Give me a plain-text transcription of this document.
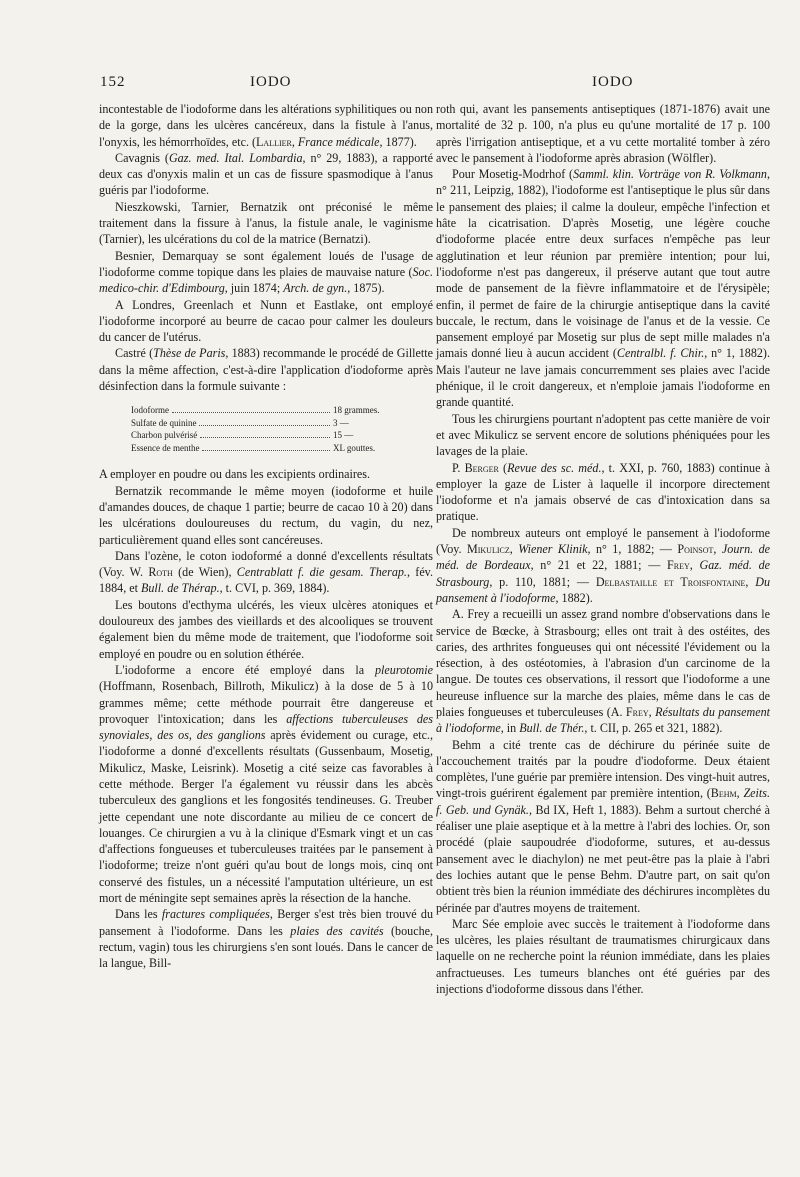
152	IODO	IODO

incontestable de l'iodoforme dans les altérations syphilitiques ou non de la gorge, dans les ulcères cancéreux, dans la fistule à l'anus, l'onyxis, les hémorrhoïdes, etc. (Lallier, France médicale, 1877).

Cavagnis (Gaz. med. Ital. Lombardia, n° 29, 1883), a rapporté deux cas d'onyxis malin et un cas de fissure spasmodique à l'anus guéris par l'iodoforme.

Nieszkowski, Tarnier, Bernatzik ont préconisé le même traitement dans la fissure à l'anus, la fistule anale, le vaginisme (Tarnier), les ulcérations du col de la matrice (Bernatzi).

Besnier, Demarquay se sont également loués de l'usage de l'iodoforme comme topique dans les plaies de mauvaise nature (Soc. medico-chir. d'Edimbourg, juin 1874; Arch. de gyn., 1875).

A Londres, Greenlach et Nunn et Eastlake, ont employé l'iodoforme incorporé au beurre de cacao pour calmer les douleurs du cancer de l'utérus.

Castré (Thèse de Paris, 1883) recommande le procédé de Gillette dans la même affection, c'est-à-dire l'application d'iodoforme après désinfection dans la formule suivante :

Iodoforme	18 grammes.
Sulfate de quinine	3 —
Charbon pulvérisé	15 —
Essence de menthe	XL gouttes.

A employer en poudre ou dans les excipients ordinaires.

Bernatzik recommande le même moyen (iodoforme et huile d'amandes douces, de chaque 1 partie; beurre de cacao 10 à 20) dans les ulcérations douloureuses du rectum, du vagin, du nez, particulièrement quand elles sont cancéreuses.

Dans l'ozène, le coton iodoformé a donné d'excellents résultats (Voy. W. Roth (de Wien), Centrablatt f. die gesam. Therap., fév. 1884, et Bull. de Thérap., t. CVI, p. 369, 1884).

Les boutons d'ecthyma ulcérés, les vieux ulcères atoniques et douloureux des jambes des vieillards et des alcooliques se trouvent également bien du même mode de traitement, que l'iodoforme soit employé en poudre ou en solution éthérée.

L'iodoforme a encore été employé dans la pleurotomie (Hoffmann, Rosenbach, Billroth, Mikulicz) à la dose de 5 à 10 grammes même; cette méthode pourrait être dangereuse et provoquer l'intoxication; dans les affections tuberculeuses des synoviales, des os, des ganglions après évidement ou curage, etc., l'iodoforme a donné d'excellents résultats (Gussenbaum, Mosetig, Mikulicz, Maske, Leisrink). Mosetig a cité seize cas favorables à cette méthode. Berger l'a également vu réussir dans les abcès tuberculeux des ganglions et les fongosités tendineuses. G. Treuber jette cependant une note discordante au milieu de ce concert de louanges. Ce chirurgien a vu à la clinique d'Esmark vingt et un cas d'affections fongueuses et tuberculeuses traitées par le pansement à l'iodoforme; treize n'ont guéri qu'au bout de longs mois, cinq ont conservé des fistules, un a nécessité l'amputation ultérieure, un est mort de méningite sept semaines après la résection de la hanche.

Dans les fractures compliquées, Berger s'est très bien trouvé du pansement à l'iodoforme. Dans les plaies des cavités (bouche, rectum, vagin) tous les chirurgiens s'en sont loués. Dans le cancer de la langue, Bill-

roth qui, avant les pansements antiseptiques (1871-1876) avait une mortalité de 32 p. 100, n'a plus eu qu'une mortalité de 17 p. 100 après l'irrigation antiseptique, et a vu cette mortalité tomber à zéro avec le pansement à l'iodoforme après abrasion (Wölfler).

Pour Mosetig-Modrhof (Samml. klin. Vorträge von R. Volkmann, n° 211, Leipzig, 1882), l'iodoforme est l'antiseptique le plus sûr dans le pansement des plaies; il calme la douleur, empêche l'infection et hâte la cicatrisation. D'après Mosetig, une légère couche d'iodoforme placée entre deux surfaces n'empêche pas leur agglutination et leur réunion par première intention; pour lui, l'iodoforme n'est pas dangereux, il préserve autant que tout autre mode de pansement de la fièvre inflammatoire et de l'érysipèle; enfin, il permet de faire de la chirurgie antiseptique dans la cavité buccale, le rectum, dans le voisinage de l'anus et de la vessie. Ce pansement employé par Mosetig sur plus de sept mille malades n'a jamais donné lieu à aucun accident (Centralbl. f. Chir., n° 1, 1882). Mais l'auteur ne lave jamais concurremment ses plaies avec l'acide phénique, il le croit dangereux, et n'emploie jamais l'iodoforme en grande quantité.

Tous les chirurgiens pourtant n'adoptent pas cette manière de voir et avec Mikulicz se servent encore de solutions phéniquées pour les lavages de la plaie.

P. Berger (Revue des sc. méd., t. XXI, p. 760, 1883) continue à employer la gaze de Lister à laquelle il incorpore directement l'iodoforme et n'a jamais observé de cas d'intoxication dans sa pratique.

De nombreux auteurs ont employé le pansement à l'iodoforme (Voy. Mikulicz, Wiener Klinik, n° 1, 1882; — Poinsot, Journ. de méd. de Bordeaux, n° 21 et 22, 1881; — Frey, Gaz. méd. de Strasbourg, p. 110, 1881; — Delbastaille et Troisfontaine, Du pansement à l'iodoforme, 1882).

A. Frey a recueilli un assez grand nombre d'observations dans le service de Bœcke, à Strasbourg; elles ont trait à des ostéites, des caries, des arthrites fongueuses qui ont nécessité l'évidement ou la résection, à des ostéotomies, à l'abrasion d'un carcinome de la langue. De toutes ces observations, il ressort que l'iodoforme a une heureuse influence sur la marche des plaies, même dans le cas de plaies fongueuses et tuberculeuses (A. Frey, Résultats du pansement à l'iodoforme, in Bull. de Thér., t. CII, p. 265 et 321, 1882).

Behm a cité trente cas de déchirure du périnée suite de l'accouchement traités par la poudre d'iodoforme. Deux étaient complètes, l'une guérie par première intension. Des vingt-huit autres, vingt-trois guérirent également par première intention, (Behm, Zeits. f. Geb. und Gynäk., Bd IX, Heft 1, 1883). Behm a surtout cherché à réaliser une plaie aseptique et à la mettre à l'abri des lochies. Or, son procédé (plaie saupoudrée d'iodoforme, sutures, et au-dessus pansement avec le diachylon) ne met peut-être pas la plaie à l'abri des lochies autant que le pense Behm. D'autre part, on sait qu'on obtient très bien la réunion immédiate des déchirures incomplètes du périnée par d'autres moyens de traitement.

Marc Sée emploie avec succès le traitement à l'iodoforme dans les ulcères, les plaies résultant de traumatismes chirurgicaux dans laquelle on ne recherche point la réunion immédiate, dans les plaies anfractueuses. Les tumeurs blanches ont été guéries par des injections d'iodoforme dissous dans l'éther.
